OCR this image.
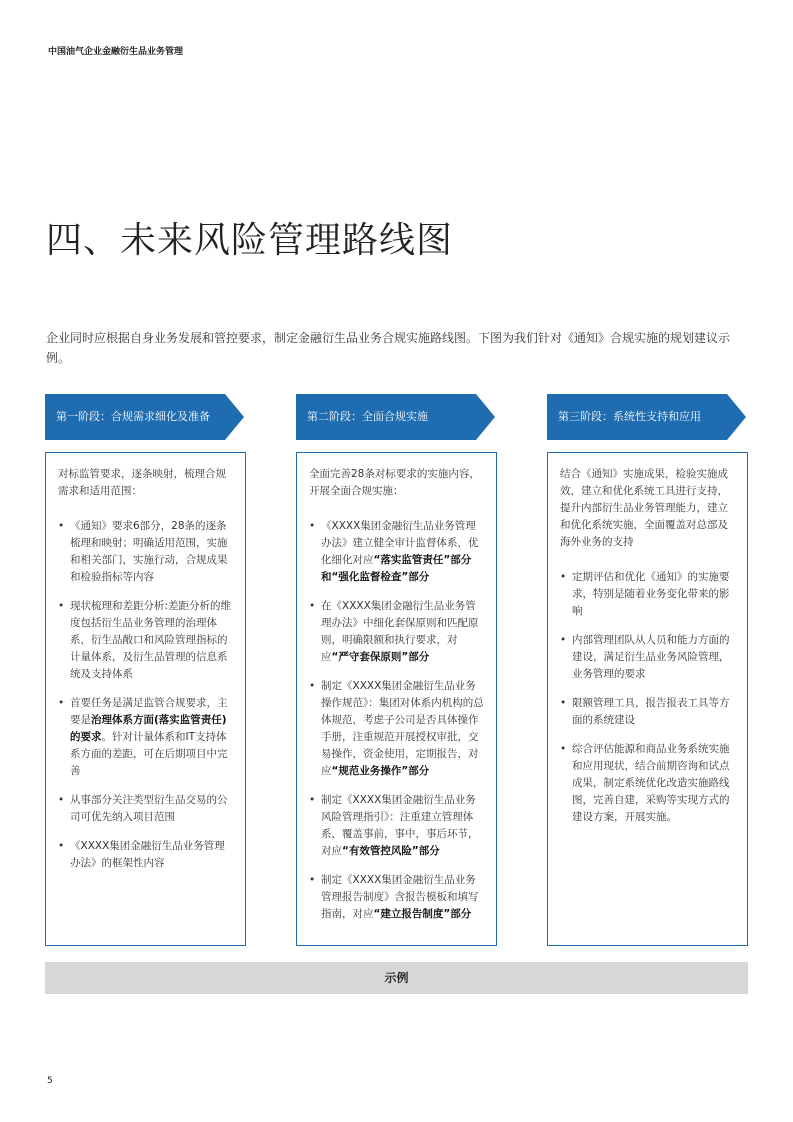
中国油气企业金融衍生品业务管理
四、未来风险管理路线图

企业同时应根据自身业务发展和管控要求，制定金融衍生品业务合规实施路线图。下图为我们针对《通知》合规实施的规划建议示例。

第一阶段：合规需求细化及准备	第二阶段：全面合规实施	第三阶段：系统性支持和应用

对标监管要求，逐条映射，梳理合规需求和适用范围：

• 《通知》要求6部分，28条的逐条梳理和映射；明确适用范围，实施和相关部门，实施行动，合规成果和检验指标等内容
• 现状梳理和差距分析:差距分析的维度包括衍生品业务管理的治理体系，衍生品敞口和风险管理指标的计量体系，及衍生品管理的信息系统及支持体系
• 首要任务是满足监管合规要求，主要是治理体系方面(落实监管责任)的要求。针对计量体系和IT支持体系方面的差距，可在后期项目中完善
• 从事部分关注类型衍生品交易的公司可优先纳入项目范围
• 《XXXX集团金融衍生品业务管理办法》的框架性内容

全面完善28条对标要求的实施内容，开展全面合规实施：

• 《XXXX集团金融衍生品业务管理办法》建立健全审计监督体系，优化细化对应“落实监管责任”部分和“强化监督检查”部分
• 在《XXXX集团金融衍生品业务管理办法》中细化套保原则和匹配原则，明确限额和执行要求，对应“严守套保原则”部分
• 制定《XXXX集团金融衍生品业务操作规范》：集团对体系内机构的总体规范，考虑子公司是否具体操作手册，注重规范开展授权审批，交易操作，资金使用，定期报告，对应“规范业务操作”部分
• 制定《XXXX集团金融衍生品业务风险管理指引》：注重建立管理体系，覆盖事前，事中，事后环节，对应“有效管控风险”部分
• 制定《XXXX集团金融衍生品业务管理报告制度》含报告模板和填写指南，对应“建立报告制度”部分

结合《通知》实施成果，检验实施成效，建立和优化系统工具进行支持，提升内部衍生品业务管理能力，建立和优化系统实施，全面覆盖对总部及海外业务的支持

• 定期评估和优化《通知》的实施要求，特别是随着业务变化带来的影响
• 内部管理团队从人员和能力方面的建设，满足衍生品业务风险管理，业务管理的要求
• 限额管理工具，报告报表工具等方面的系统建设
• 综合评估能源和商品业务系统实施和应用现状，结合前期咨询和试点成果，制定系统优化改造实施路线图，完善自建，采购等实现方式的建设方案，开展实施。
示例
5
